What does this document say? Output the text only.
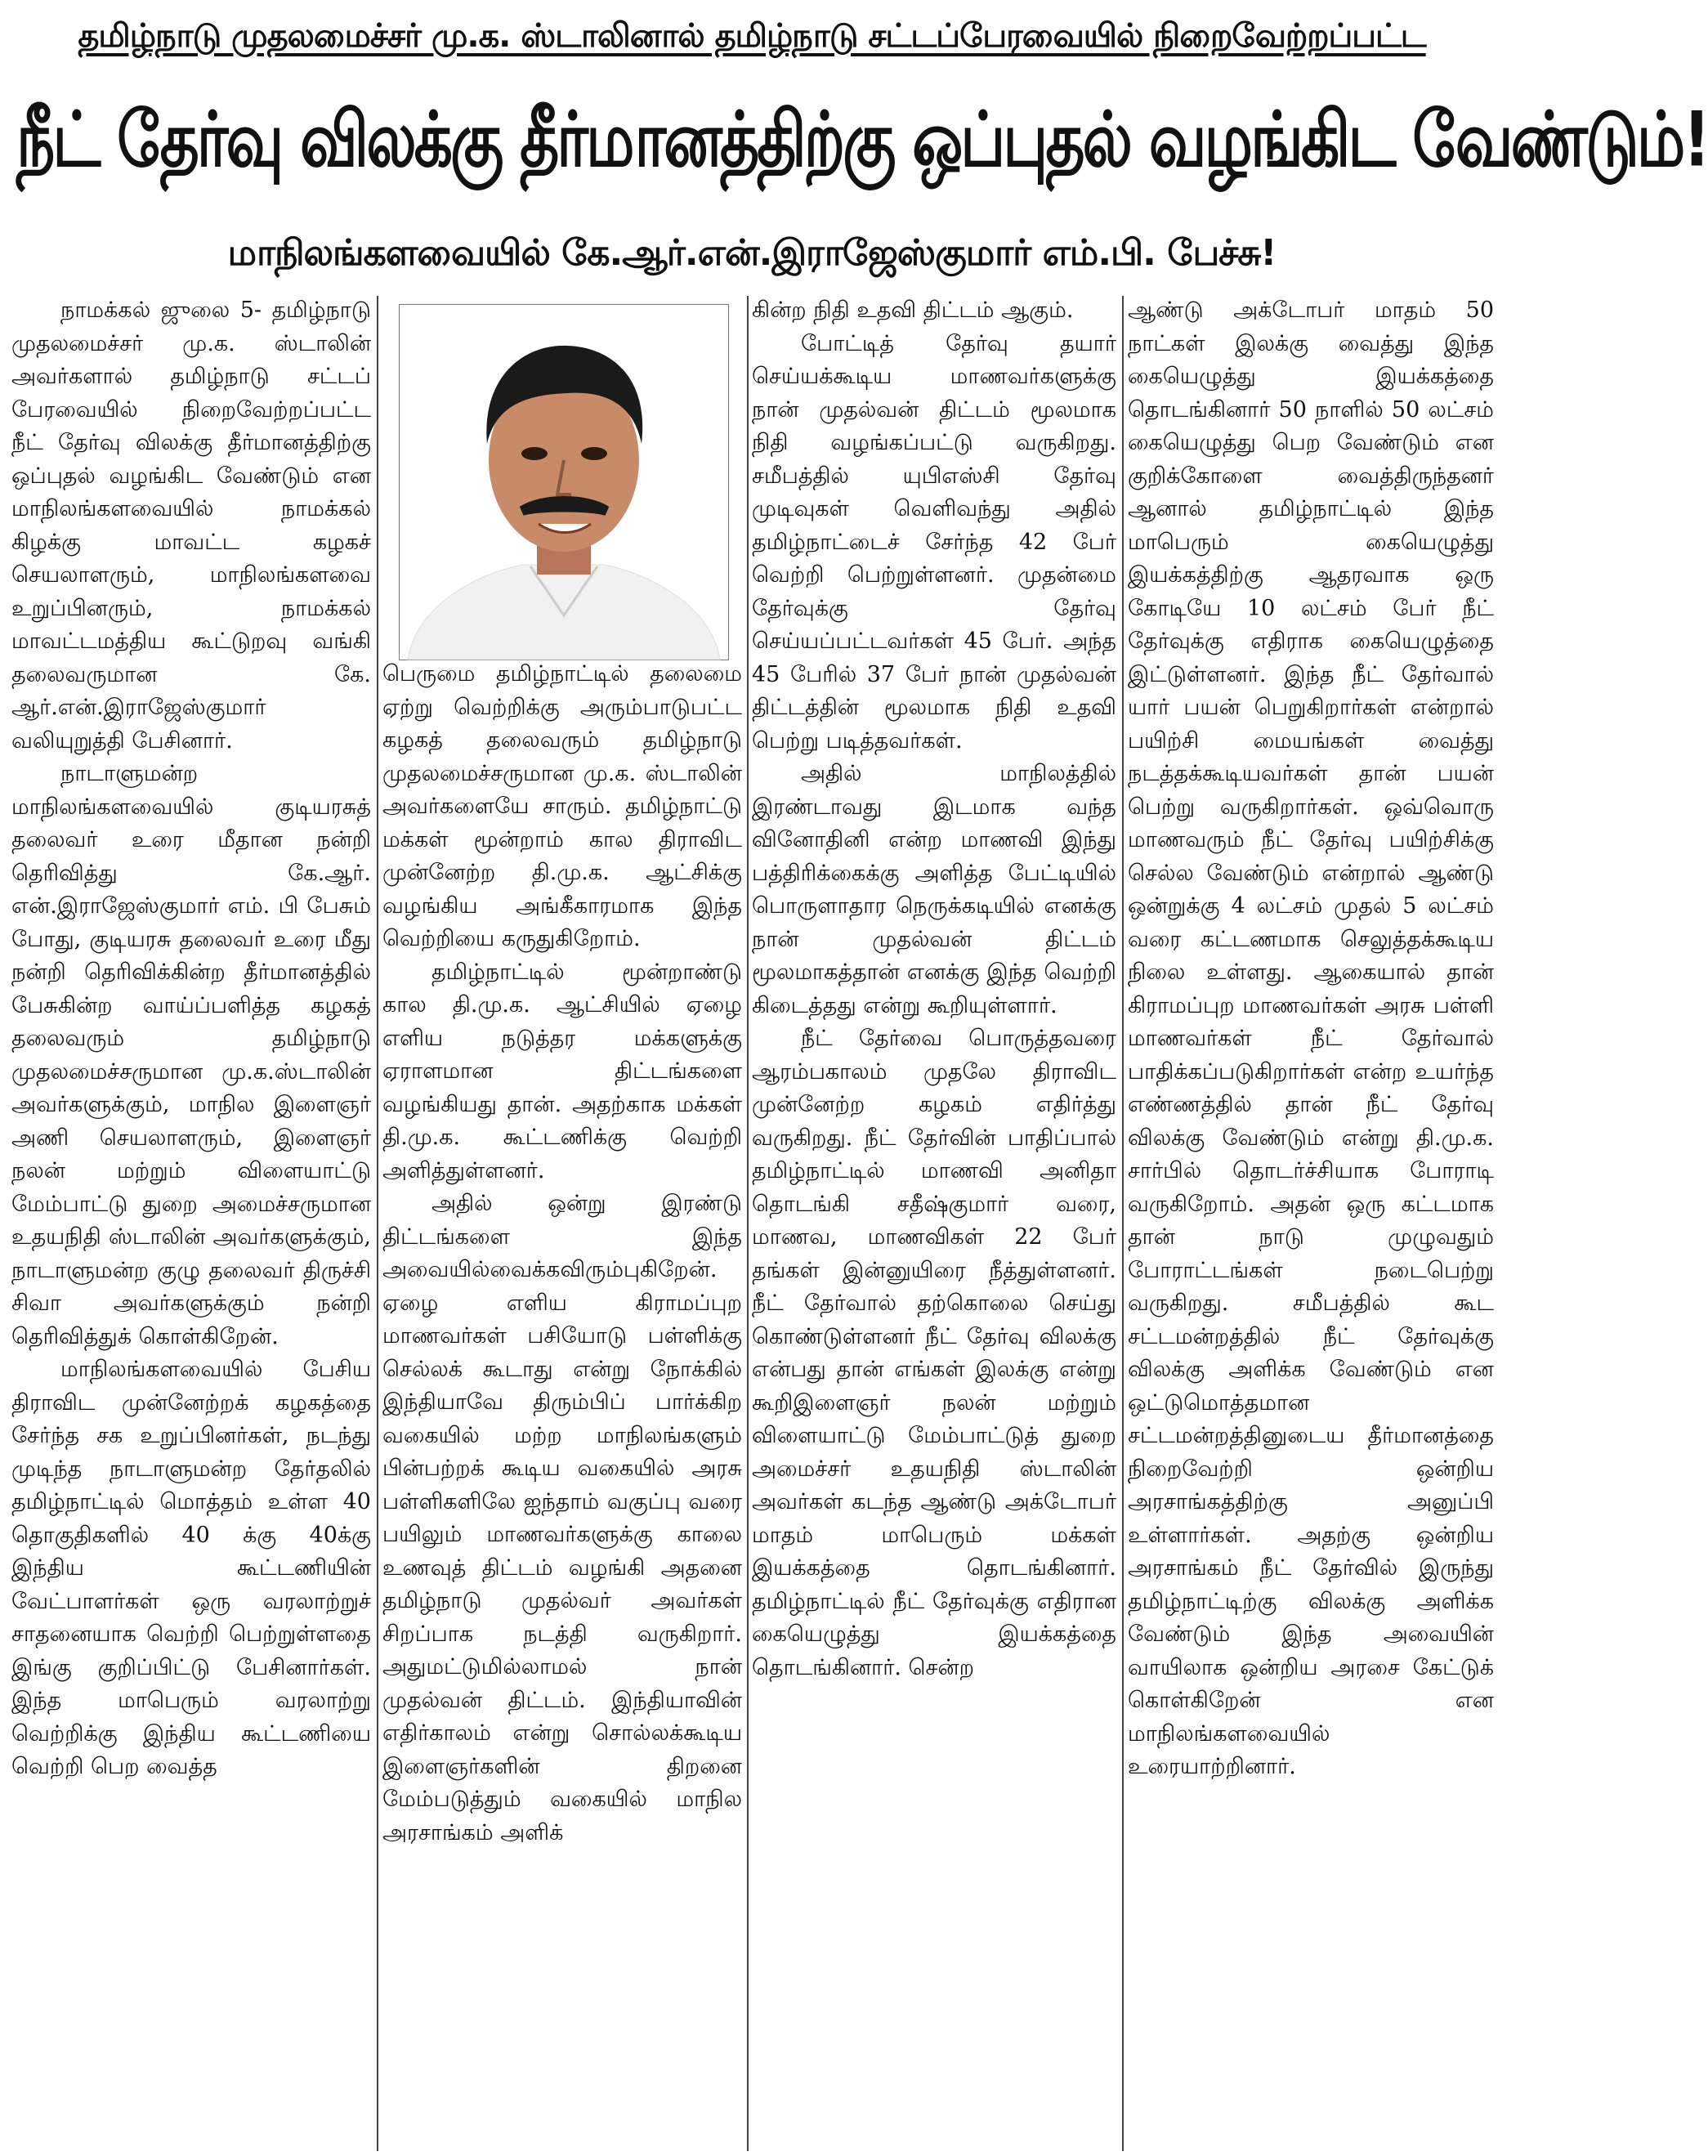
தமிழ்நாடு முதலமைச்சர் மு.க. ஸ்டாலினால் தமிழ்நாடு சட்டப்பேரவையில் நிறைவேற்றப்பட்ட
நீட் தேர்வு விலக்கு தீர்மானத்திற்கு ஒப்புதல் வழங்கிட வேண்டும்!
மாநிலங்களவையில் கே.ஆர்.என்.இராஜேஸ்குமார் எம்.பி. பேச்சு!

நாமக்கல் ஜுலை 5- தமிழ்நாடு முதலமைச்சர் மு.க. ஸ்டாலின் அவர்களால் தமிழ்நாடு சட்டப் பேரவையில் நிறைவேற்றப்பட்ட நீட் தேர்வு விலக்கு தீர்மானத்திற்கு ஒப்புதல் வழங்கிட வேண்டும் என மாநிலங்களவையில் நாமக்கல் கிழக்கு மாவட்ட கழகச் செயலாளரும், மாநிலங்களவை உறுப்பினரும், நாமக்கல் மாவட்டமத்திய கூட்டுறவு வங்கி தலைவருமான கே. ஆர்.என்.இராஜேஸ்குமார் வலியுறுத்தி பேசினார்.

நாடாளுமன்ற மாநிலங்களவையில் குடியரசுத் தலைவர் உரை மீதான நன்றி தெரிவித்து கே.ஆர். என்.இராஜேஸ்குமார் எம். பி பேசும் போது, குடியரசு தலைவர் உரை மீது நன்றி தெரிவிக்கின்ற தீர்மானத்தில் பேசுகின்ற வாய்ப்பளித்த கழகத் தலைவரும் தமிழ்நாடு முதலமைச்சருமான மு.க.ஸ்டாலின் அவர்களுக்கும், மாநில இளைஞர் அணி செயலாளரும், இளைஞர் நலன் மற்றும் விளையாட்டு மேம்பாட்டு துறை அமைச்சருமான உதயநிதி ஸ்டாலின் அவர்களுக்கும், நாடாளுமன்ற குழு தலைவர் திருச்சி சிவா அவர்களுக்கும் நன்றி தெரிவித்துக் கொள்கிறேன்.

மாநிலங்களவையில் பேசிய திராவிட முன்னேற்றக் கழகத்தை சேர்ந்த சக உறுப்பினர்கள், நடந்து முடிந்த நாடாளுமன்ற தேர்தலில் தமிழ்நாட்டில் மொத்தம் உள்ள 40 தொகுதிகளில் 40 க்கு 40க்கு இந்திய கூட்டணியின் வேட்பாளர்கள் ஒரு வரலாற்றுச் சாதனையாக வெற்றி பெற்றுள்ளதை இங்கு குறிப்பிட்டு பேசினார்கள். இந்த மாபெரும் வரலாற்று வெற்றிக்கு இந்திய கூட்டணியை வெற்றி பெற வைத்த

பெருமை தமிழ்நாட்டில் தலைமை ஏற்று வெற்றிக்கு அரும்பாடுபட்ட கழகத் தலைவரும் தமிழ்நாடு முதலமைச்சருமான மு.க. ஸ்டாலின் அவர்களையே சாரும். தமிழ்நாட்டு மக்கள் மூன்றாம் கால திராவிட முன்னேற்ற தி.மு.க. ஆட்சிக்கு வழங்கிய அங்கீகாரமாக இந்த வெற்றியை கருதுகிறோம்.

தமிழ்நாட்டில் மூன்றாண்டு கால தி.மு.க. ஆட்சியில் ஏழை எளிய நடுத்தர மக்களுக்கு ஏராளமான திட்டங்களை வழங்கியது தான். அதற்காக மக்கள் தி.மு.க. கூட்டணிக்கு வெற்றி அளித்துள்ளனர்.

அதில் ஒன்று இரண்டு திட்டங்களை இந்த அவையில்வைக்கவிரும்புகிறேன். ஏழை எளிய கிராமப்புற மாணவர்கள் பசியோடு பள்ளிக்கு செல்லக் கூடாது என்று நோக்கில் இந்தியாவே திரும்பிப் பார்க்கிற வகையில் மற்ற மாநிலங்களும் பின்பற்றக் கூடிய வகையில் அரசு பள்ளிகளிலே ஐந்தாம் வகுப்பு வரை பயிலும் மாணவர்களுக்கு காலை உணவுத் திட்டம் வழங்கி அதனை தமிழ்நாடு முதல்வர் அவர்கள் சிறப்பாக நடத்தி வருகிறார். அதுமட்டுமில்லாமல் நான் முதல்வன் திட்டம். இந்தியாவின் எதிர்காலம் என்று சொல்லக்கூடிய இளைஞர்களின் திறனை மேம்படுத்தும் வகையில் மாநில அரசாங்கம் அளிக்

கின்ற நிதி உதவி திட்டம் ஆகும்.

போட்டித் தேர்வு தயார் செய்யக்கூடிய மாணவர்களுக்கு நான் முதல்வன் திட்டம் மூலமாக நிதி வழங்கப்பட்டு வருகிறது. சமீபத்தில் யுபிஎஸ்சி தேர்வு முடிவுகள் வெளிவந்து அதில் தமிழ்நாட்டைச் சேர்ந்த 42 பேர் வெற்றி பெற்றுள்ளனர். முதன்மை தேர்வுக்கு தேர்வு செய்யப்பட்டவர்கள் 45 பேர். அந்த 45 பேரில் 37 பேர் நான் முதல்வன் திட்டத்தின் மூலமாக நிதி உதவி பெற்று படித்தவர்கள்.

அதில் மாநிலத்தில் இரண்டாவது இடமாக வந்த வினோதினி என்ற மாணவி இந்து பத்திரிக்கைக்கு அளித்த பேட்டியில் பொருளாதார நெருக்கடியில் எனக்கு நான் முதல்வன் திட்டம் மூலமாகத்தான் எனக்கு இந்த வெற்றி கிடைத்தது என்று கூறியுள்ளார்.

நீட் தேர்வை பொருத்தவரை ஆரம்பகாலம் முதலே திராவிட முன்னேற்ற கழகம் எதிர்த்து வருகிறது. நீட் தேர்வின் பாதிப்பால் தமிழ்நாட்டில் மாணவி அனிதா தொடங்கி சதீஷ்குமார் வரை, மாணவ, மாணவிகள் 22 பேர் தங்கள் இன்னுயிரை நீத்துள்ளனர். நீட் தேர்வால் தற்கொலை செய்து கொண்டுள்ளனர் நீட் தேர்வு விலக்கு என்பது தான் எங்கள் இலக்கு என்று கூறிஇளைஞர் நலன் மற்றும் விளையாட்டு மேம்பாட்டுத் துறை அமைச்சர் உதயநிதி ஸ்டாலின் அவர்கள் கடந்த ஆண்டு அக்டோபர் மாதம் மாபெரும் மக்கள் இயக்கத்தை தொடங்கினார். தமிழ்நாட்டில் நீட் தேர்வுக்கு எதிரான கையெழுத்து இயக்கத்தை தொடங்கினார். சென்ற

ஆண்டு அக்டோபர் மாதம் 50 நாட்கள் இலக்கு வைத்து இந்த கையெழுத்து இயக்கத்தை தொடங்கினார் 50 நாளில் 50 லட்சம் கையெழுத்து பெற வேண்டும் என குறிக்கோளை வைத்திருந்தனர் ஆனால் தமிழ்நாட்டில் இந்த மாபெரும் கையெழுத்து இயக்கத்திற்கு ஆதரவாக ஒரு கோடியே 10 லட்சம் பேர் நீட் தேர்வுக்கு எதிராக கையெழுத்தை இட்டுள்ளனர். இந்த நீட் தேர்வால் யார் பயன் பெறுகிறார்கள் என்றால் பயிற்சி மையங்கள் வைத்து நடத்தக்கூடியவர்கள் தான் பயன் பெற்று வருகிறார்கள். ஒவ்வொரு மாணவரும் நீட் தேர்வு பயிற்சிக்கு செல்ல வேண்டும் என்றால் ஆண்டு ஒன்றுக்கு 4 லட்சம் முதல் 5 லட்சம் வரை கட்டணமாக செலுத்தக்கூடிய நிலை உள்ளது. ஆகையால் தான் கிராமப்புற மாணவர்கள் அரசு பள்ளி மாணவர்கள் நீட் தேர்வால் பாதிக்கப்படுகிறார்கள் என்ற உயர்ந்த எண்ணத்தில் தான் நீட் தேர்வு விலக்கு வேண்டும் என்று தி.மு.க. சார்பில் தொடர்ச்சியாக போராடி வருகிறோம். அதன் ஒரு கட்டமாக தான் நாடு முழுவதும் போராட்டங்கள் நடைபெற்று வருகிறது. சமீபத்தில் கூட சட்டமன்றத்தில் நீட் தேர்வுக்கு விலக்கு அளிக்க வேண்டும் என ஒட்டுமொத்தமான சட்டமன்றத்தினுடைய தீர்மானத்தை நிறைவேற்றி ஒன்றிய அரசாங்கத்திற்கு அனுப்பி உள்ளார்கள். அதற்கு ஒன்றிய அரசாங்கம் நீட் தேர்வில் இருந்து தமிழ்நாட்டிற்கு விலக்கு அளிக்க வேண்டும் இந்த அவையின் வாயிலாக ஒன்றிய அரசை கேட்டுக் கொள்கிறேன் என மாநிலங்களவையில் உரையாற்றினார்.
